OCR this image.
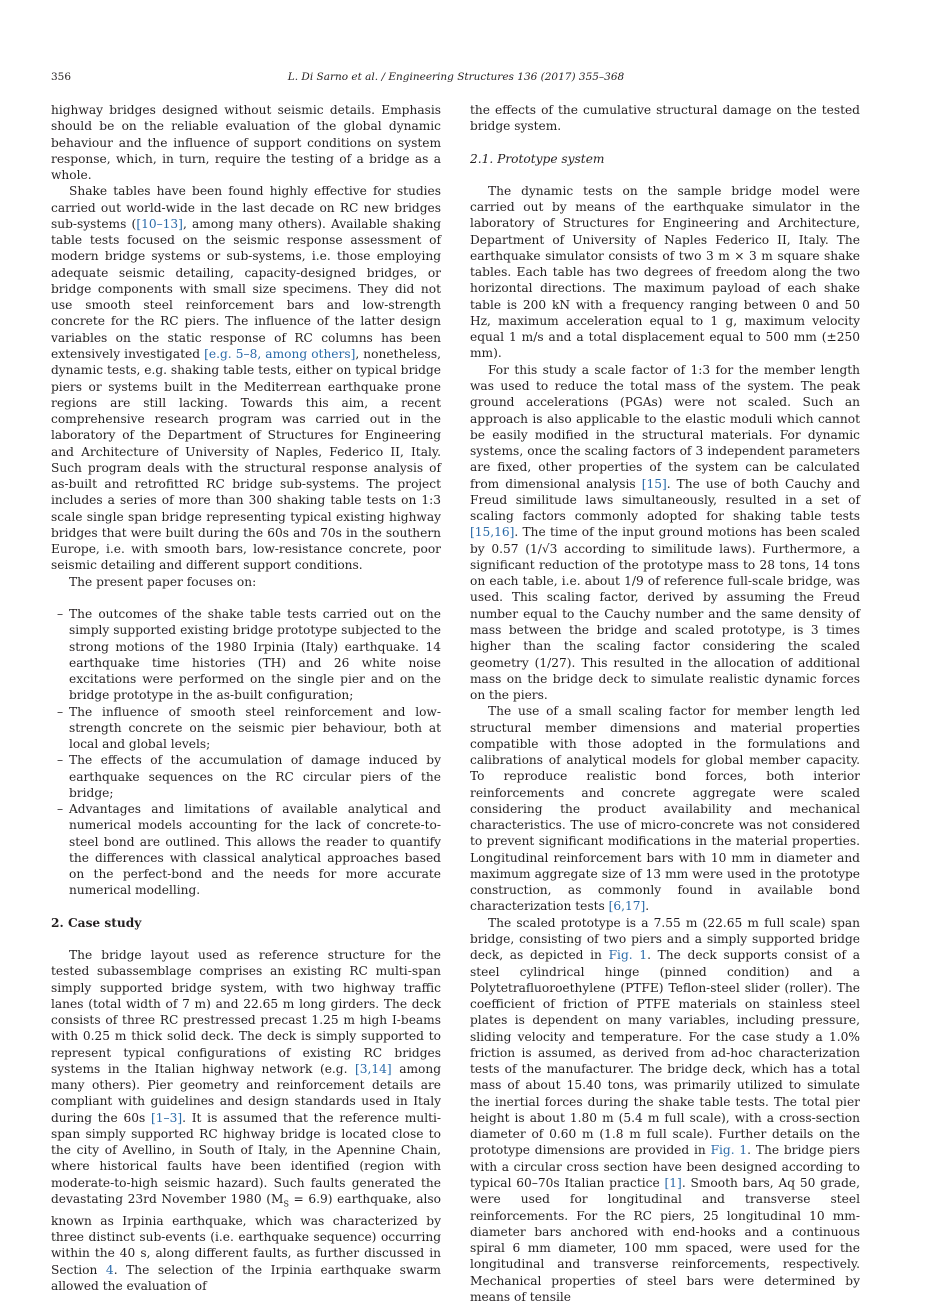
356	L. Di Sarno et al. / Engineering Structures 136 (2017) 355–368

highway bridges designed without seismic details. Emphasis should be on the reliable evaluation of the global dynamic behaviour and the influence of support conditions on system response, which, in turn, require the testing of a bridge as a whole.

Shake tables have been found highly effective for studies carried out world-wide in the last decade on RC new bridges sub-systems ([10–13], among many others). Available shaking table tests focused on the seismic response assessment of modern bridge systems or sub-systems, i.e. those employing adequate seismic detailing, capacity-designed bridges, or bridge components with small size specimens. They did not use smooth steel reinforcement bars and low-strength concrete for the RC piers. The influence of the latter design variables on the static response of RC columns has been extensively investigated [e.g. 5–8, among others], nonetheless, dynamic tests, e.g. shaking table tests, either on typical bridge piers or systems built in the Mediterrean earthquake prone regions are still lacking. Towards this aim, a recent comprehensive research program was carried out in the laboratory of the Department of Structures for Engineering and Architecture of University of Naples, Federico II, Italy. Such program deals with the structural response analysis of as-built and retrofitted RC bridge sub-systems. The project includes a series of more than 300 shaking table tests on 1:3 scale single span bridge representing typical existing highway bridges that were built during the 60s and 70s in the southern Europe, i.e. with smooth bars, low-resistance concrete, poor seismic detailing and different support conditions.

The present paper focuses on:

– The outcomes of the shake table tests carried out on the simply supported existing bridge prototype subjected to the strong motions of the 1980 Irpinia (Italy) earthquake. 14 earthquake time histories (TH) and 26 white noise excitations were performed on the single pier and on the bridge prototype in the as-built configuration;
– The influence of smooth steel reinforcement and low-strength concrete on the seismic pier behaviour, both at local and global levels;
– The effects of the accumulation of damage induced by earthquake sequences on the RC circular piers of the bridge;
– Advantages and limitations of available analytical and numerical models accounting for the lack of concrete-to-steel bond are outlined. This allows the reader to quantify the differences with classical analytical approaches based on the perfect-bond and the needs for more accurate numerical modelling.
2. Case study

The bridge layout used as reference structure for the tested subassemblage comprises an existing RC multi-span simply supported bridge system, with two highway traffic lanes (total width of 7 m) and 22.65 m long girders. The deck consists of three RC prestressed precast 1.25 m high I-beams with 0.25 m thick solid deck. The deck is simply supported to represent typical configurations of existing RC bridges systems in the Italian highway network (e.g. [3,14] among many others). Pier geometry and reinforcement details are compliant with guidelines and design standards used in Italy during the 60s [1–3]. It is assumed that the reference multi-span simply supported RC highway bridge is located close to the city of Avellino, in South of Italy, in the Apennine Chain, where historical faults have been identified (region with moderate-to-high seismic hazard). Such faults generated the devastating 23rd November 1980 $(M_S = 6.9)$ earthquake, also known as Irpinia earthquake, which was characterized by three distinct sub-events (i.e. earthquake sequence) occurring within the 40 s, along different faults, as further discussed in Section 4. The selection of the Irpinia earthquake swarm allowed the evaluation of

the effects of the cumulative structural damage on the tested bridge system.

2.1. Prototype system

The dynamic tests on the sample bridge model were carried out by means of the earthquake simulator in the laboratory of Structures for Engineering and Architecture, Department of University of Naples Federico II, Italy. The earthquake simulator consists of two 3 m × 3 m square shake tables. Each table has two degrees of freedom along the two horizontal directions. The maximum payload of each shake table is 200 kN with a frequency ranging between 0 and 50 Hz, maximum acceleration equal to 1 g, maximum velocity equal 1 m/s and a total displacement equal to 500 mm (±250 mm).

For this study a scale factor of 1:3 for the member length was used to reduce the total mass of the system. The peak ground accelerations (PGAs) were not scaled. Such an approach is also applicable to the elastic moduli which cannot be easily modified in the structural materials. For dynamic systems, once the scaling factors of 3 independent parameters are fixed, other properties of the system can be calculated from dimensional analysis [15]. The use of both Cauchy and Freud similitude laws simultaneously, resulted in a set of scaling factors commonly adopted for shaking table tests [15,16]. The time of the input ground motions has been scaled by 0.57 (1/√3 according to similitude laws). Furthermore, a significant reduction of the prototype mass to 28 tons, 14 tons on each table, i.e. about 1/9 of reference full-scale bridge, was used. This scaling factor, derived by assuming the Freud number equal to the Cauchy number and the same density of mass between the bridge and scaled prototype, is 3 times higher than the scaling factor considering the scaled geometry (1/27). This resulted in the allocation of additional mass on the bridge deck to simulate realistic dynamic forces on the piers.

The use of a small scaling factor for member length led structural member dimensions and material properties compatible with those adopted in the formulations and calibrations of analytical models for global member capacity. To reproduce realistic bond forces, both interior reinforcements and concrete aggregate were scaled considering the product availability and mechanical characteristics. The use of micro-concrete was not considered to prevent significant modifications in the material properties. Longitudinal reinforcement bars with 10 mm in diameter and maximum aggregate size of 13 mm were used in the prototype construction, as commonly found in available bond characterization tests [6,17].

The scaled prototype is a 7.55 m (22.65 m full scale) span bridge, consisting of two piers and a simply supported bridge deck, as depicted in Fig. 1. The deck supports consist of a steel cylindrical hinge (pinned condition) and a Polytetrafluoroethylene (PTFE) Teflon-steel slider (roller). The coefficient of friction of PTFE materials on stainless steel plates is dependent on many variables, including pressure, sliding velocity and temperature. For the case study a 1.0% friction is assumed, as derived from ad-hoc characterization tests of the manufacturer. The bridge deck, which has a total mass of about 15.40 tons, was primarily utilized to simulate the inertial forces during the shake table tests. The total pier height is about 1.80 m (5.4 m full scale), with a cross-section diameter of 0.60 m (1.8 m full scale). Further details on the prototype dimensions are provided in Fig. 1. The bridge piers with a circular cross section have been designed according to typical 60–70s Italian practice [1]. Smooth bars, Aq 50 grade, were used for longitudinal and transverse steel reinforcements. For the RC piers, 25 longitudinal 10 mm-diameter bars anchored with end-hooks and a continuous spiral 6 mm diameter, 100 mm spaced, were used for the longitudinal and transverse reinforcements, respectively. Mechanical properties of steel bars were determined by means of tensile
